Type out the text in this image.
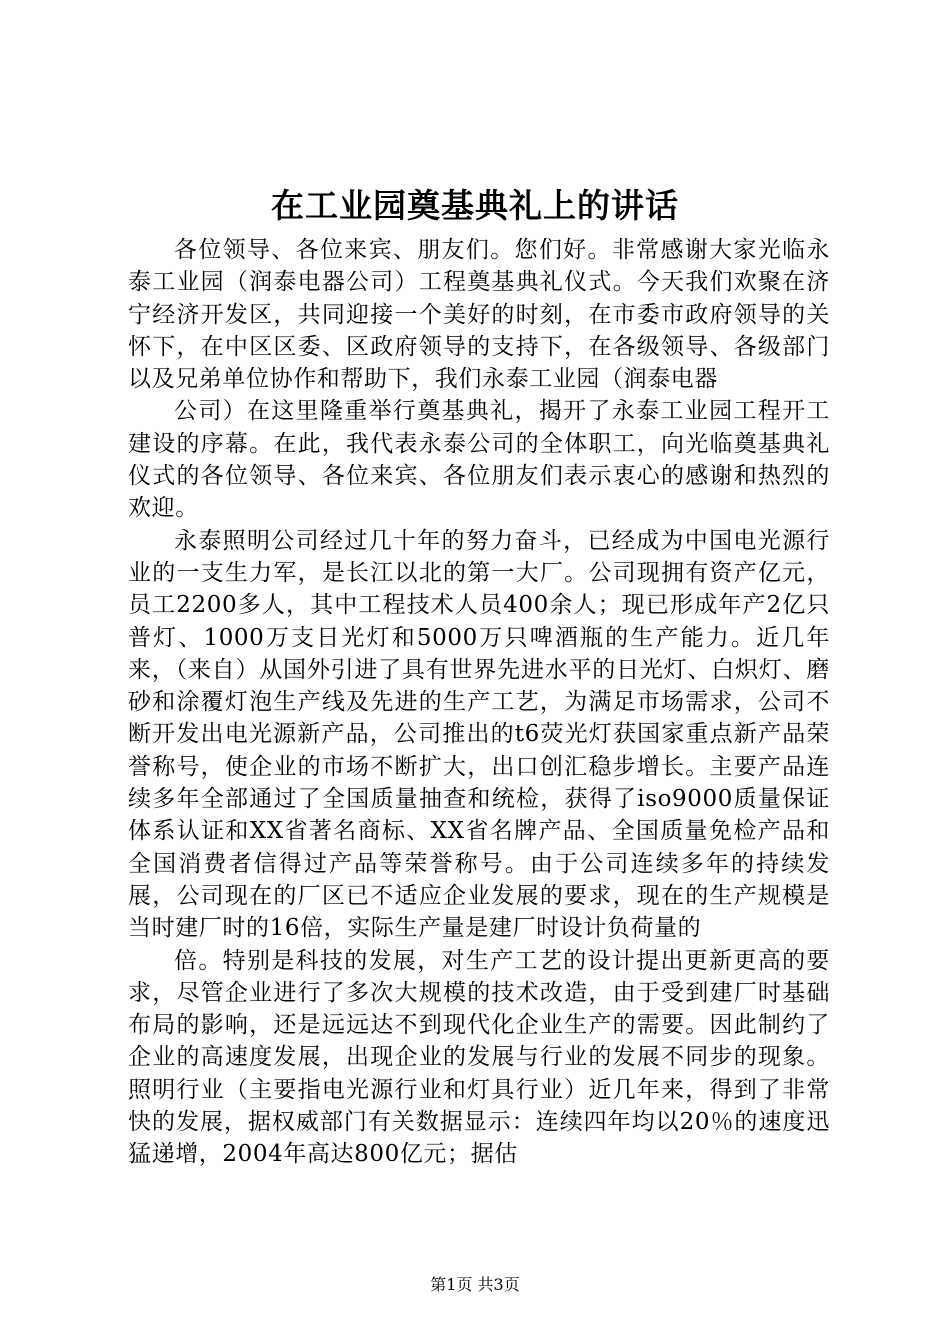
在工业园奠基典礼上的讲话

各位领导、各位来宾、朋友们。您们好。非常感谢大家光临永泰工业园（润泰电器公司）工程奠基典礼仪式。今天我们欢聚在济宁经济开发区，共同迎接一个美好的时刻，在市委市政府领导的关怀下，在中区区委、区政府领导的支持下，在各级领导、各级部门以及兄弟单位协作和帮助下，我们永泰工业园（润泰电器

公司）在这里隆重举行奠基典礼，揭开了永泰工业园工程开工建设的序幕。在此，我代表永泰公司的全体职工，向光临奠基典礼仪式的各位领导、各位来宾、各位朋友们表示衷心的感谢和热烈的欢迎。

永泰照明公司经过几十年的努力奋斗，已经成为中国电光源行业的一支生力军，是长江以北的第一大厂。公司现拥有资产亿元，员工2200多人，其中工程技术人员400余人；现已形成年产2亿只普灯、1000万支日光灯和5000万只啤酒瓶的生产能力。近几年来，（来自）从国外引进了具有世界先进水平的日光灯、白炽灯、磨砂和涂覆灯泡生产线及先进的生产工艺，为满足市场需求，公司不断开发出电光源新产品，公司推出的t6荧光灯获国家重点新产品荣誉称号，使企业的市场不断扩大，出口创汇稳步增长。主要产品连续多年全部通过了全国质量抽查和统检，获得了iso9000质量保证体系认证和XX省著名商标、XX省名牌产品、全国质量免检产品和全国消费者信得过产品等荣誉称号。由于公司连续多年的持续发展，公司现在的厂区已不适应企业发展的要求，现在的生产规模是当时建厂时的16倍，实际生产量是建厂时设计负荷量的

倍。特别是科技的发展，对生产工艺的设计提出更新更高的要求，尽管企业进行了多次大规模的技术改造，由于受到建厂时基础布局的影响，还是远远达不到现代化企业生产的需要。因此制约了企业的高速度发展，出现企业的发展与行业的发展不同步的现象。照明行业（主要指电光源行业和灯具行业）近几年来，得到了非常快的发展，据权威部门有关数据显示：连续四年均以20％的速度迅猛递增，2004年高达800亿元；据估

第1页 共3页
